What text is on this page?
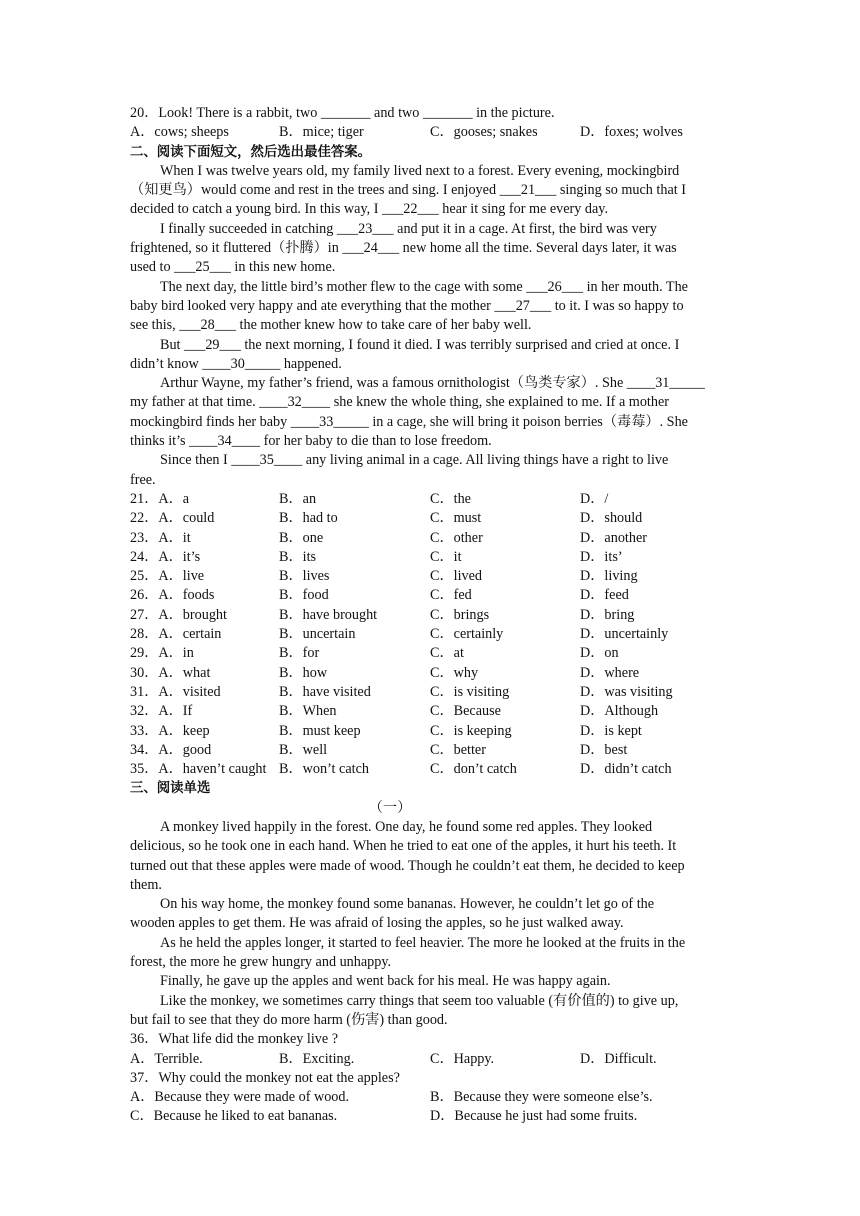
20．Look! There is a rabbit, two _______ and two _______ in the picture.
A．cows; sheeps	B．mice; tiger	C．gooses; snakes	D．foxes; wolves
二、阅读下面短文，然后选出最佳答案。
When I was twelve years old, my family lived next to a forest. Every evening, mockingbird
（知更鸟）would come and rest in the trees and sing. I enjoyed ___21___ singing so much that I
decided to catch a young bird. In this way, I ___22___ hear it sing for me every day.
I finally succeeded in catching ___23___ and put it in a cage. At first, the bird was very
frightened, so it fluttered（扑腾）in ___24___ new home all the time. Several days later, it was
used to ___25___ in this new home.
The next day, the little bird’s mother flew to the cage with some ___26___ in her mouth. The
baby bird looked very happy and ate everything that the mother ___27___ to it. I was so happy to
see this, ___28___ the mother knew how to take care of her baby well.
But ___29___ the next morning, I found it died. I was terribly surprised and cried at once. I
didn’t know ____30_____ happened.
Arthur Wayne, my father’s friend, was a famous ornithologist（鸟类专家）. She ____31_____
my father at that time. ____32____ she knew the whole thing, she explained to me. If a mother
mockingbird finds her baby ____33_____ in a cage, she will bring it poison berries（毒莓）. She
thinks it’s ____34____ for her baby to die than to lose freedom.
Since then I ____35____ any living animal in a cage. All living things have a right to live
free.
21．A．a	B．an	C．the	D．/
22．A．could	B．had to	C．must	D．should
23．A．it	B．one	C．other	D．another
24．A．it’s	B．its	C．it	D．its’
25．A．live	B．lives	C．lived	D．living
26．A．foods	B．food	C．fed	D．feed
27．A．brought	B．have brought	C．brings	D．bring
28．A．certain	B．uncertain	C．certainly	D．uncertainly
29．A．in	B．for	C．at	D．on
30．A．what	B．how	C．why	D．where
31．A．visited	B．have visited	C．is visiting	D．was visiting
32．A．If	B．When	C．Because	D．Although
33．A．keep	B．must keep	C．is keeping	D．is kept
34．A．good	B．well	C．better	D．best
35．A．haven’t caught B．won’t catch	C．don’t catch	D．didn’t catch
三、阅读单选
（一）
A monkey lived happily in the forest. One day, he found some red apples. They looked
delicious, so he took one in each hand. When he tried to eat one of the apples, it hurt his teeth. It
turned out that these apples were made of wood. Though he couldn’t eat them, he decided to keep
them.
On his way home, the monkey found some bananas. However, he couldn’t let go of the
wooden apples to get them. He was afraid of losing the apples, so he just walked away.
As he held the apples longer, it started to feel heavier. The more he looked at the fruits in the
forest, the more he grew hungry and unhappy.
Finally, he gave up the apples and went back for his meal. He was happy again.
Like the monkey, we sometimes carry things that seem too valuable (有价值的) to give up,
but fail to see that they do more harm (伤害) than good.
36．What life did the monkey live ?
A．Terrible.	B．Exciting.	C．Happy.	D．Difficult.
37．Why could the monkey not eat the apples?
A．Because they were made of wood.	B．Because they were someone else’s.
C．Because he liked to eat bananas.	D．Because he just had some fruits.
